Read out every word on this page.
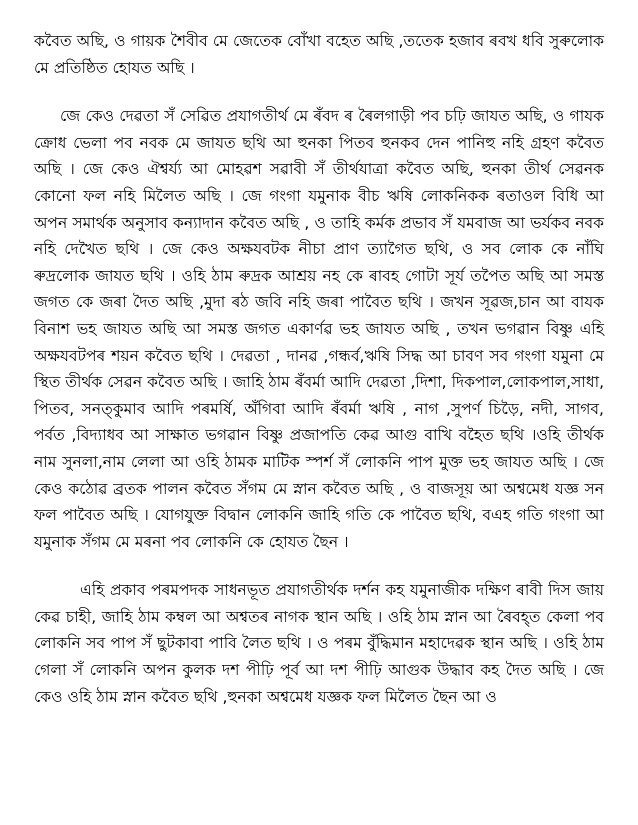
কবৈত অছি, ও গায়ক শৈবীব মে জেতেক বোঁখা বহেত অছি ,ততেক হজাব ৰবখ ধবি সুৰুলোক মে প্ৰতিষ্ঠিত হোযত অছি ।

জে কেও দেৱতা সঁ সেৱিত প্ৰযাগতীৰ্থ মে ৰঁবদ ৰ ৰৈলগাড়ী পব চঢ়ি জাযত অছি, ও গাযক ক্ৰোধ ভেলা পব নবক মে জাযত ছথি আ হুনকা পিতব হুনকব দেন পানিহু নহি গ্ৰহণ কবৈত অছি । জে কেও ঐশ্বৰ্য্য আ মোহৱশ সৱাবী সঁ তীৰ্থযাত্ৰা কবৈত অছি, হুনকা তীৰ্থ সেৱনক কোনো ফল নহি মিলৈত অছি । জে গংগা যমুনাক বীচ ঋষি লোকনিকক ৰতাওল বিধি আ অপন সমাৰ্থক অনুসাব কন্যাদান কবৈত অছি , ও তাহি কৰ্মক প্ৰভাব সঁ যমবাজ আ ভৰ্যকব নবক নহি দেখৈত ছথি । জে কেও অক্ষযবটক নীচা প্ৰাণ ত্যাগৈত ছথি, ও সব লোক কে নাঁঘি ৰুদ্ৰলোক জাযত ছথি । ওহি ঠাম ৰুদ্ৰক আশ্ৰয় নহ কে ৰাবহ গোটা সূৰ্য তপৈত অছি আ সমস্ত জগত কে জৰা দৈত অছি ,মুদা ৰঠ জবি নহি জৰা পাবৈত ছথি । জখন সূৱজ,চান আ বাযক বিনাশ ভহ জাযত অছি আ সমস্ত জগত একাৰ্ণৱ ভহ জাযত অছি , তখন ভগৱান বিষ্ণু এহি অক্ষযবটপৰ শয়ন কবৈত ছথি । দেৱতা , দানৱ ,গন্ধৰ্ব,ঋষি সিদ্ধ আ চাবণ সব গংগা যমুনা মে স্থিত তীৰ্থক সেৱন কবৈত অছি । জাহি ঠাম ৰঁবৰ্মা আদি দেৱতা ,দিশা, দিকপাল,লোকপাল,সাধা, পিতব, সনত্কুমাব আদি পৰমৰ্ষি, অঁগিবা আদি ৰঁবৰ্মা ঋষি , নাগ ,সুপৰ্ণ চিড়ৈ, নদী, সাগব, পৰ্বত ,বিদ্যাধব আ সাক্ষাত ভগৱান বিষ্ণু প্ৰজাপতি কেৱ আগু বাখি বহৈত ছথি ।ওহি তীৰ্থক নাম সুনলা,নাম লেলা আ ওহি ঠামক মাটিক স্পৰ্শ সঁ লোকনি পাপ মুক্ত ভহ জাযত অছি । জে কেও কঠোৱ ব্ৰতক পালন কবৈত সঁগম মে স্নান কবৈত অছি , ও বাজসূয় আ অশ্বমেধ যজ্ঞ সন ফল পাবৈত অছি । যোগযুক্ত বিদ্বান লোকনি জাহি গতি কে পাবৈত ছথি, বএহ গতি গংগা আ যমুনাক সঁগম মে মৰনা পব লোকনি কে হোযত ছৈন ।

এহি প্ৰকাব পৰমপদক সাধনভূত প্ৰযাগতীৰ্থক দৰ্শন কহ যমুনাজীক দক্ষিণ ৰাবী দিস জায় কেৱ চাহী, জাহি ঠাম কম্বল আ অশ্বতৰ নাগক স্থান অছি । ওহি ঠাম স্নান আ ৰৈবহ্ত কেলা পব লোকনি সব পাপ সঁ ছুটকাবা পাবি লৈত ছথি । ও পৰম বুঁদ্ধিমান মহাদেৱক স্থান অছি । ওহি ঠাম গেলা সঁ লোকনি অপন কুলক দশ পীঢ়ি পূৰ্ব আ দশ পীঢ়ি আগুক উদ্ধাব কহ দৈত অছি । জে কেও ওহি ঠাম স্নান কবৈত ছথি ,হুনকা অশ্বমেধ যজ্ঞক ফল মিলৈত ছৈন আ ও
